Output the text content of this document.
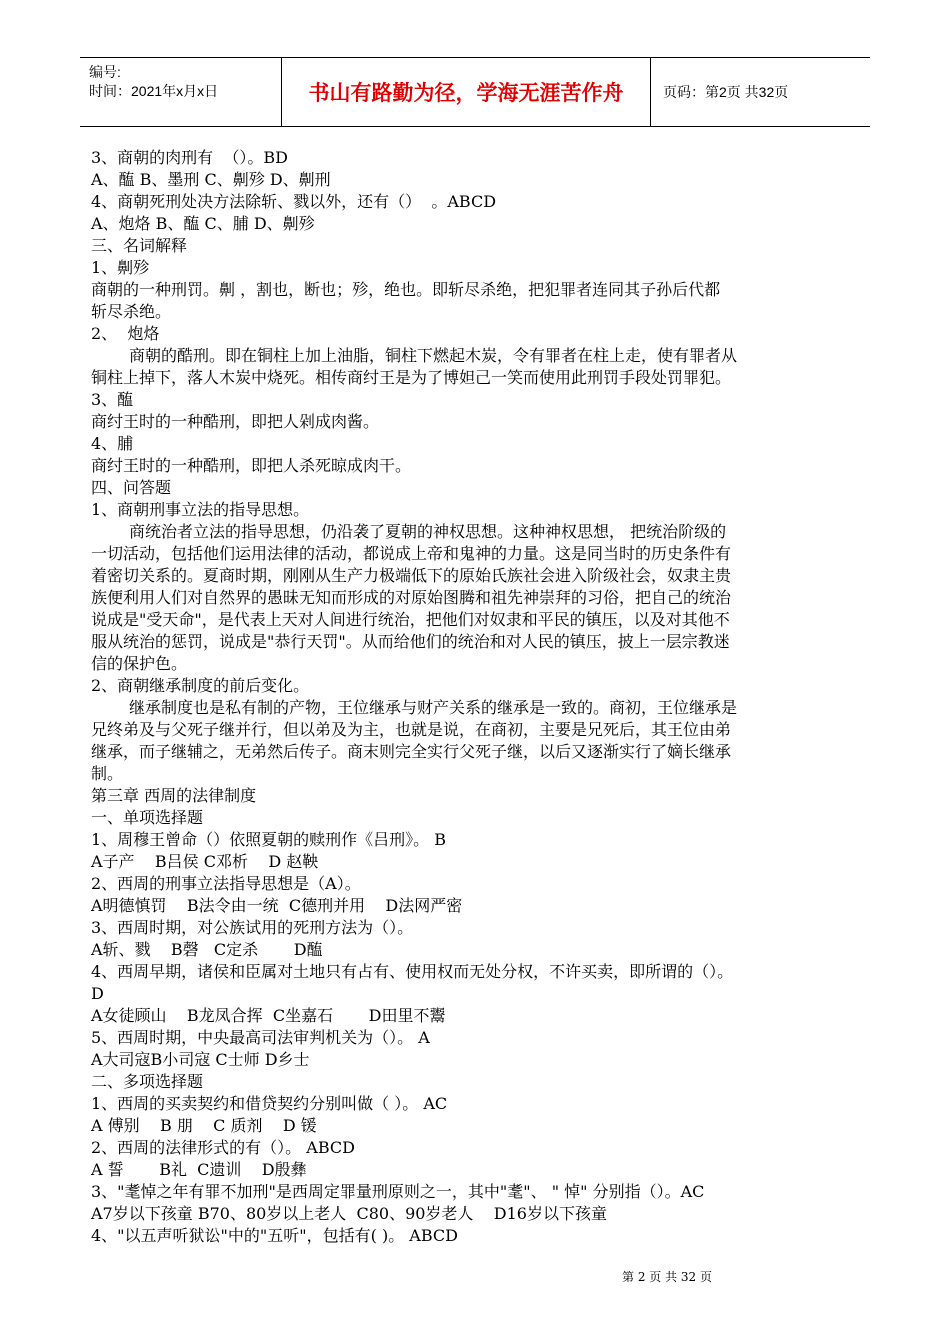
编号:
时间：2021年x月x日	书山有路勤为径，学海无涯苦作舟	页码：第2页 共32页
3、商朝的肉刑有  （）。BD
A、醢 B、墨刑 C、劓殄 D、劓刑
4、商朝死刑处决方法除斩、戮以外，还有（）  。ABCD
A、炮烙 B、醢 C、脯 D、劓殄
三、名词解释
1、劓殄
商朝的一种刑罚。劓 ，割也，断也；殄，绝也。即斩尽杀绝，把犯罪者连同其子孙后代都
斩尽杀绝。
2、  炮烙
商朝的酷刑。即在铜柱上加上油脂，铜柱下燃起木炭，令有罪者在柱上走，使有罪者从
铜柱上掉下，落人木炭中烧死。相传商纣王是为了博妲己一笑而使用此刑罚手段处罚罪犯。
3、醢
商纣王时的一种酷刑，即把人剁成肉酱。
4、脯
商纣王时的一种酷刑，即把人杀死晾成肉干。
四、问答题
1、商朝刑事立法的指导思想。
商统治者立法的指导思想，仍沿袭了夏朝的神权思想。这种神权思想， 把统治阶级的
一切活动，包括他们运用法律的活动，都说成上帝和鬼神的力量。这是同当时的历史条件有
着密切关系的。夏商时期，刚刚从生产力极端低下的原始氏族社会进入阶级社会，奴隶主贵
族便利用人们对自然界的愚昧无知而形成的对原始图腾和祖先神崇拜的习俗，把自己的统治
说成是"受天命"，是代表上天对人间进行统治，把他们对奴隶和平民的镇压，以及对其他不
服从统治的惩罚，说成是"恭行天罚"。从而给他们的统治和对人民的镇压，披上一层宗教迷
信的保护色。
2、商朝继承制度的前后变化。
继承制度也是私有制的产物，王位继承与财产关系的继承是一致的。商初，王位继承是
兄终弟及与父死子继并行，但以弟及为主，也就是说，在商初，主要是兄死后，其王位由弟
继承，而子继辅之，无弟然后传子。商末则完全实行父死子继，以后又逐渐实行了嫡长继承
制。
第三章 西周的法律制度
一、单项选择题
1、周穆王曾命（）依照夏朝的赎刑作《吕刑》。 B
A子产    B吕侯 C邓析    D 赵鞅
2、西周的刑事立法指导思想是（A）。
A明德慎罚    B法令由一统  C德刑并用    D法网严密
3、西周时期，对公族试用的死刑方法为（）。
A斩、戮    B磬   C定杀       D醢
4、西周早期，诸侯和臣属对土地只有占有、使用权而无处分权，不许买卖，即所谓的（）。
D
A女徒顾山    B龙凤合挥  C坐嘉石       D田里不鬻
5、西周时期，中央最高司法审判机关为（）。 A
A大司寇B小司寇 C士师 D乡士
二、多项选择题
1、西周的买卖契约和借贷契约分别叫做（ ）。 AC
A 傅别    B 朋    C 质剂    D 锾
2、西周的法律形式的有（）。 ABCD
A 誓       B礼  C遗训    D殷彝
3、"耄悼之年有罪不加刑"是西周定罪量刑原则之一，其中"耄"、 " 悼" 分别指（）。AC
A7岁以下孩童 B70、80岁以上老人  C80、90岁老人    D16岁以下孩童
4、"以五声听狱讼"中的"五听"，包括有( )。 ABCD
第 2 页 共 32 页
